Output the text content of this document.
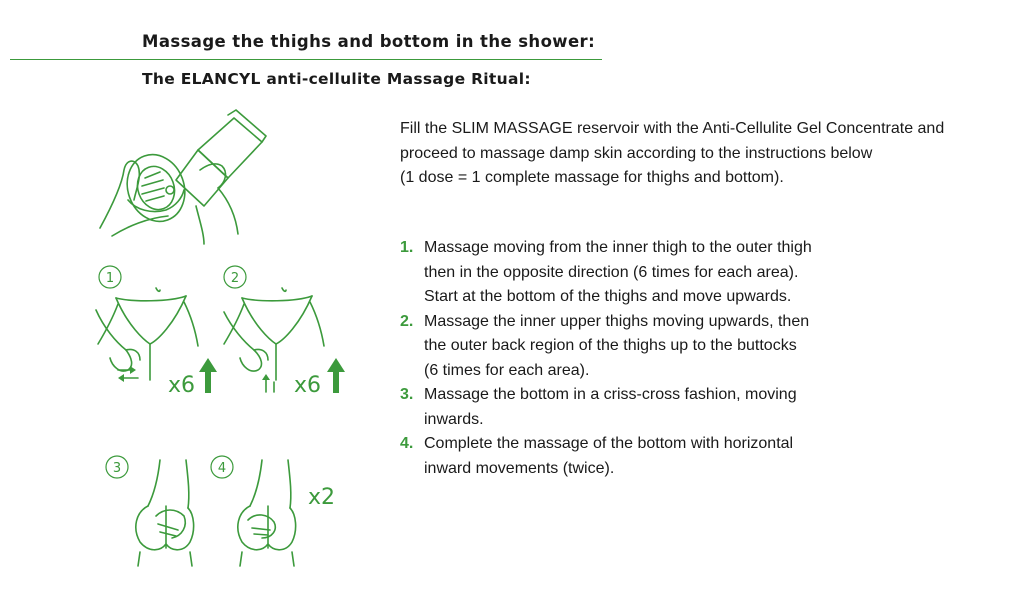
Massage the thighs and bottom in the shower:
The ELANCYL anti-cellulite Massage Ritual:

Fill the SLIM MASSAGE reservoir with the Anti-Cellulite Gel Concentrate and
proceed to massage damp skin according to the instructions below
(1 dose = 1 complete massage for thighs and bottom).

1. Massage moving from the inner thigh to the outer thigh
then in the opposite direction (6 times for each area).
Start at the bottom of the thighs and move upwards.
2. Massage the inner upper thighs moving upwards, then
the outer back region of the thighs up to the buttocks
(6 times for each area).
3. Massage the bottom in a criss-cross fashion, moving
inwards.
4. Complete the massage of the bottom with horizontal
inward movements (twice).
1
x6
2
x6
3	4
x2
